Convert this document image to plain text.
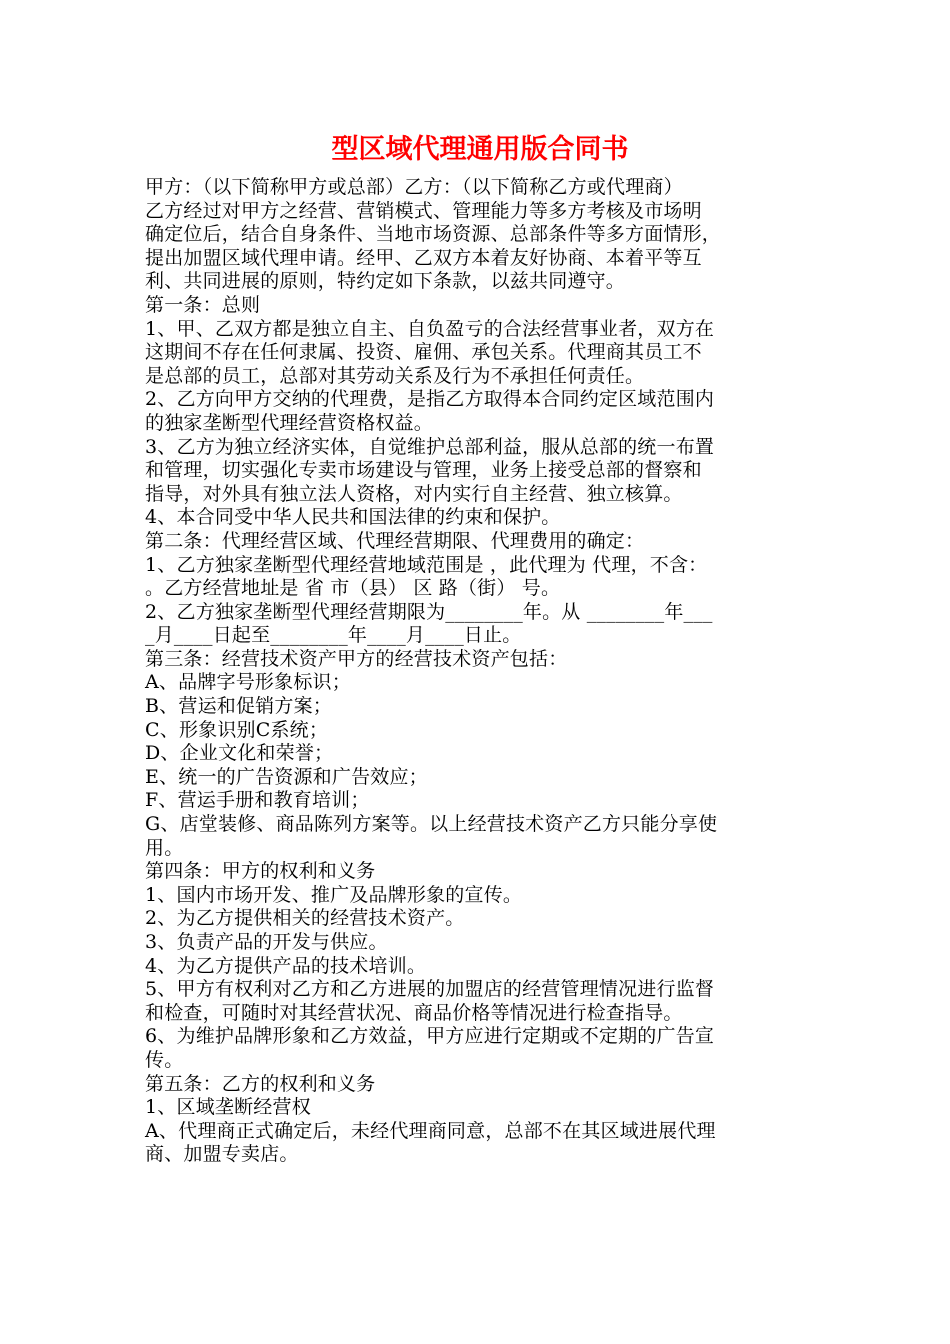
型区域代理通用版合同书
甲方：（以下简称甲方或总部）乙方：（以下简称乙方或代理商）
乙方经过对甲方之经营、营销模式、管理能力等多方考核及市场明
确定位后，结合自身条件、当地市场资源、总部条件等多方面情形，
提出加盟区域代理申请。经甲、乙双方本着友好协商、本着平等互
利、共同进展的原则，特约定如下条款，以兹共同遵守。
第一条：总则
1、甲、乙双方都是独立自主、自负盈亏的合法经营事业者，双方在
这期间不存在任何隶属、投资、雇佣、承包关系。代理商其员工不
是总部的员工，总部对其劳动关系及行为不承担任何责任。
2、乙方向甲方交纳的代理费，是指乙方取得本合同约定区域范围内
的独家垄断型代理经营资格权益。
3、乙方为独立经济实体，自觉维护总部利益，服从总部的统一布置
和管理，切实强化专卖市场建设与管理，业务上接受总部的督察和
指导，对外具有独立法人资格，对内实行自主经营、独立核算。
4、本合同受中华人民共和国法律的约束和保护。
第二条：代理经营区域、代理经营期限、代理费用的确定：
1、乙方独家垄断型代理经营地域范围是 ，此代理为 代理，不含：
。乙方经营地址是 省 市（县） 区 路（街） 号。
2、乙方独家垄断型代理经营期限为________年。从 ________年___
_月____日起至________年____月____日止。
第三条：经营技术资产甲方的经营技术资产包括：
A、品牌字号形象标识；
B、营运和促销方案；
C、形象识别C系统；
D、企业文化和荣誉；
E、统一的广告资源和广告效应；
F、营运手册和教育培训；
G、店堂装修、商品陈列方案等。以上经营技术资产乙方只能分享使
用。
第四条：甲方的权利和义务
1、国内市场开发、推广及品牌形象的宣传。
2、为乙方提供相关的经营技术资产。
3、负责产品的开发与供应。
4、为乙方提供产品的技术培训。
5、甲方有权利对乙方和乙方进展的加盟店的经营管理情况进行监督
和检查，可随时对其经营状况、商品价格等情况进行检查指导。
6、为维护品牌形象和乙方效益，甲方应进行定期或不定期的广告宣
传。
第五条：乙方的权利和义务
1、区域垄断经营权
A、代理商正式确定后，未经代理商同意，总部不在其区域进展代理
商、加盟专卖店。
